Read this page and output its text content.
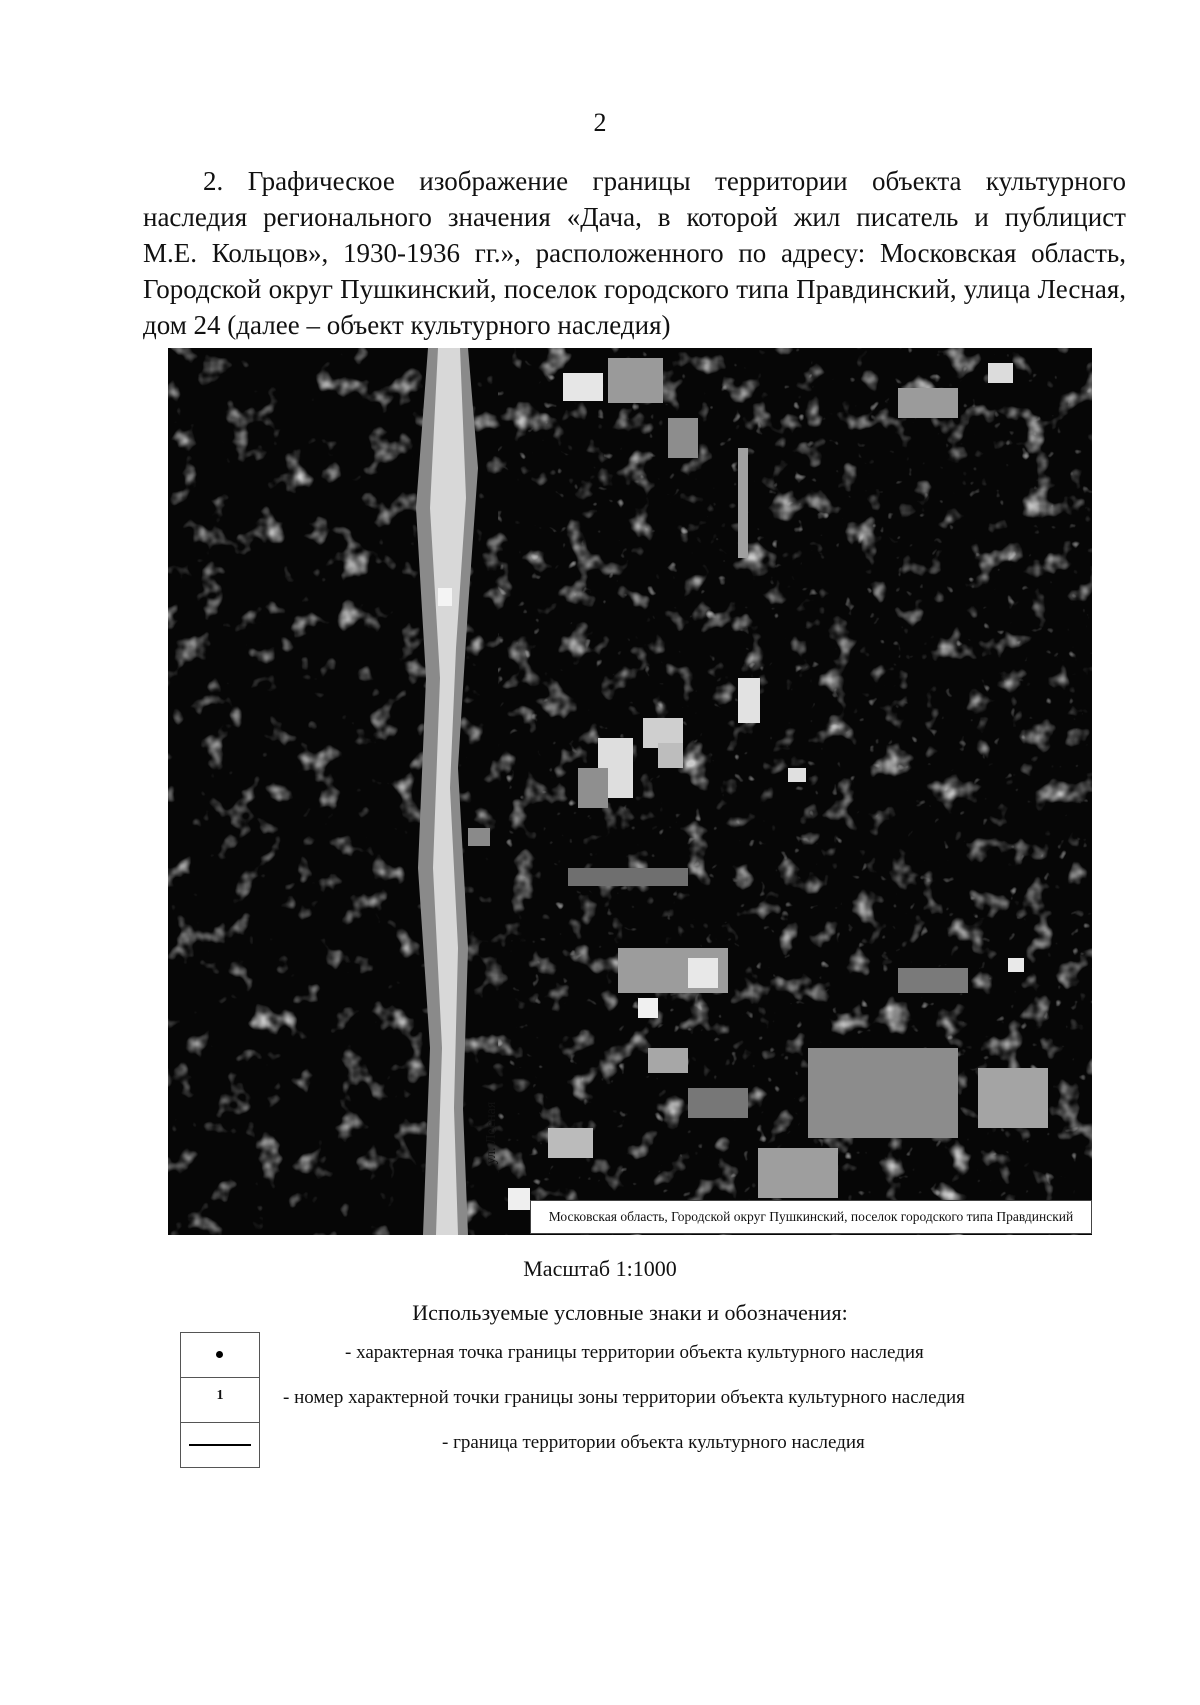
2
2. Графическое изображение границы территории объекта культурного
наследия регионального значения «Дача, в которой жил писатель и публицист
М.Е. Кольцов», 1930-1936 гг.», расположенного по адресу: Московская область,
Городской округ Пушкинский, поселок городского типа Правдинский, улица Лесная,
дом 24 (далее – объект культурного наследия)
ул. Лесная
Московская область, Городской округ Пушкинский, поселок городского типа Правдинский
Масштаб 1:1000
Используемые условные знаки и обозначения:
- характерная точка границы территории объекта культурного наследия
1	- номер характерной точки границы зоны территории объекта культурного наследия
- граница территории объекта культурного наследия
